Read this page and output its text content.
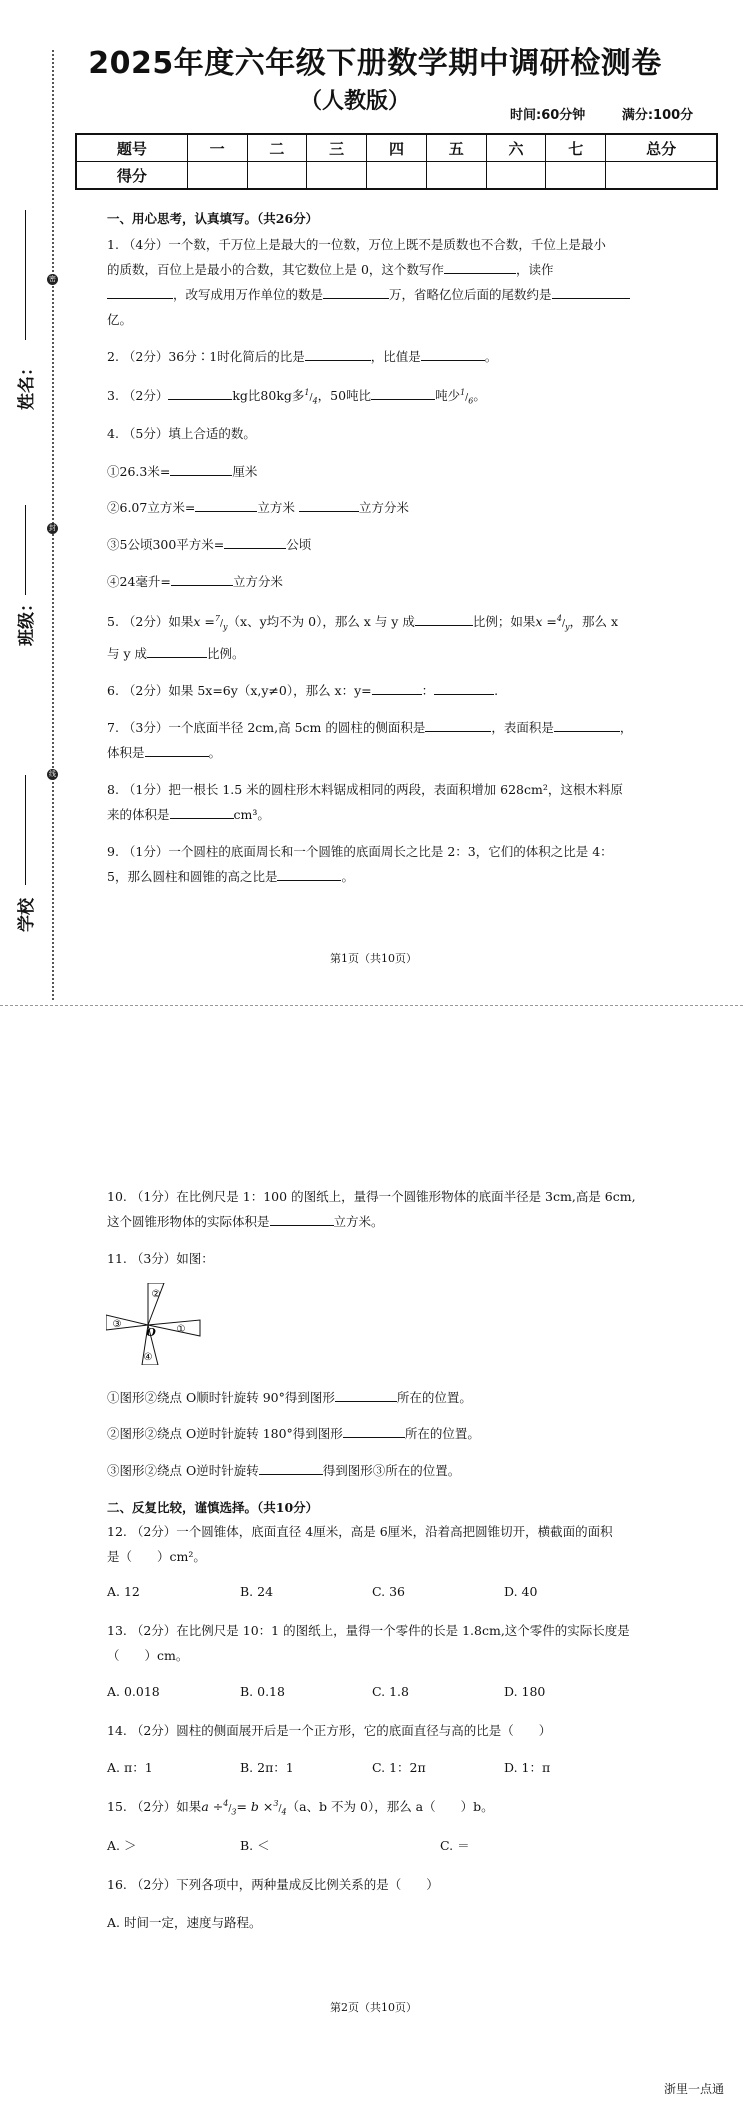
2025年度六年级下册数学期中调研检测卷
（人教版）
时间:60分钟	满分:100分
题号	一	二	三	四	五	六	七	总分
得分								
密
封
线
姓名：
班级：
学校
一、用心思考，认真填写。（共26分）
1. （4分）一个数，千万位上是最大的一位数，万位上既不是质数也不合数，千位上是最小
的质数，百位上是最小的合数，其它数位上是 0，这个数写作	，读作
，改写成用万作单位的数是	万，省略亿位后面的尾数约是
亿。
2. （2分）36分∶1时化简后的比是	，比值是	。
3. （2分）	kg比80kg多$^1/_4$，50吨比	吨少$^1/_6$。
4. （5分）填上合适的数。
①26.3米=	厘米
②6.07立方米=	立方米	立方分米
③5公顷300平方米=	公顷
④24毫升=	立方分米
5. （2分）如果$x =^7/_y(x$、y均不为 0），那么 x 与 y 成	比例；如果$x =^4/_y$，那么 x
与 y 成	比例。
6. （2分）如果 5x=6y（x,y≠0），那么 x：y=	：	.
7. （3分）一个底面半径 2cm,高 5cm 的圆柱的侧面积是	，表面积是	，
体积是	。
8. （1分）把一根长 1.5 米的圆柱形木料锯成相同的两段，表面积增加 628cm²，这根木料原
来的体积是	cm³。
9. （1分）一个圆柱的底面周长和一个圆锥的底面周长之比是 2：3，它们的体积之比是 4：
5，那么圆柱和圆锥的高之比是	。
第1页（共10页）
10. （1分）在比例尺是 1：100 的图纸上，量得一个圆锥形物体的底面半径是 3cm,高是 6cm,
这个圆锥形物体的实际体积是	立方米。
11. （3分）如图：
②
③
O ①
④
①图形②绕点 O顺时针旋转 90°得到图形	所在的位置。
②图形②绕点 O逆时针旋转 180°得到图形	所在的位置。
③图形②绕点 O逆时针旋转	得到图形③所在的位置。
二、反复比较，谨慎选择。（共10分）
12. （2分）一个圆锥体，底面直径 4厘米，高是 6厘米，沿着高把圆锥切开，横截面的面积
是（　　）cm²。
A. 12	B. 24	C. 36	D. 40
13. （2分）在比例尺是 10：1 的图纸上，量得一个零件的长是 1.8cm,这个零件的实际长度是
（　　）cm。
A. 0.018	B. 0.18	C. 1.8	D. 180
14. （2分）圆柱的侧面展开后是一个正方形，它的底面直径与高的比是（　　）
A. π：1	B. 2π：1	C. 1：2π	D. 1：π
15. （2分）如果$a \div^4/_3= b \times^3/_4(a$、b 不为 0），那么 a（　　）b。
A. ＞	B. ＜	C. ＝
16. （2分）下列各项中，两种量成反比例关系的是（　　）
A. 时间一定，速度与路程。
第2页（共10页）
浙里一点通
